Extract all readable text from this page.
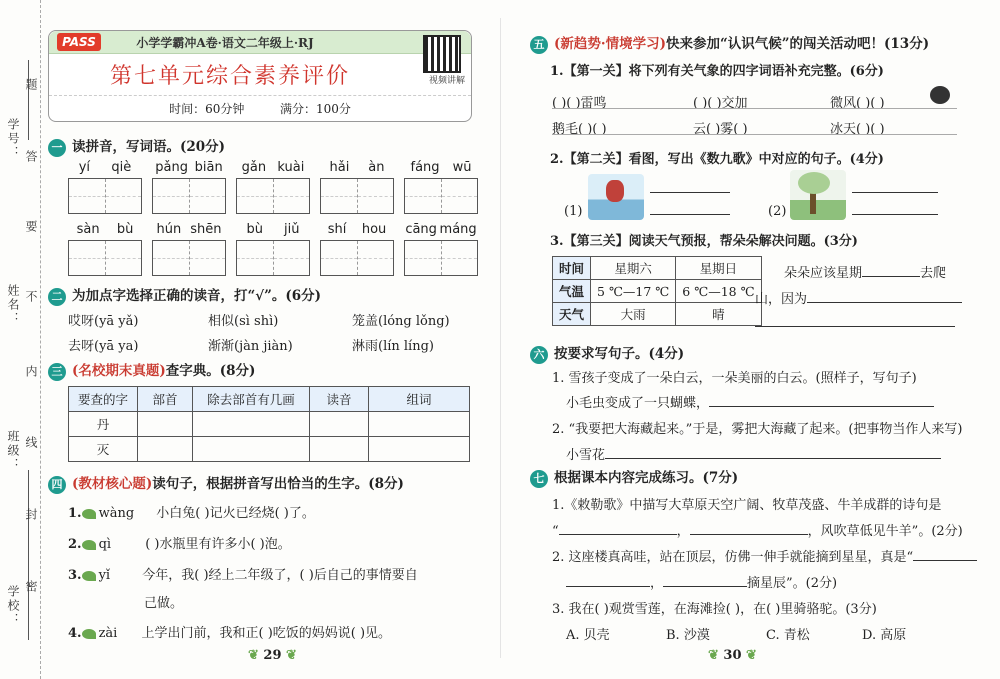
题
答
要
不
内
线
封
密
学号：
姓名：
班级：
学校：
PASS	小学学霸冲A卷·语文二年级上·RJ
第七单元综合素养评价
时间：60分钟	满分：100分
视频讲解
一 读拼音，写词语。(20分)
yí qiè pǎng biān gǎn kuài hǎi àn fáng wū
sàn bù hún shēn bù jiǔ shí hou cāng máng
二 为加点字选择正确的读音，打“√”。(6分)
哎呀(yā yǎ)	相似(sì shì)	笼盖(lóng lǒng)
去呀(yā ya)	渐渐(jàn jiàn)	淋雨(lín líng)
三 (名校期末真题)查字典。(8分)
要查的字	部首	除去部首有几画	读音	组词
丹				
灭				
四 (教材核心题)读句子，根据拼音写出恰当的生字。(8分)
1. wàng 小白兔( )记火已经烧( )了。
2. qì	( )水瓶里有许多小( )泡。
3. yǐ 今年，我( )经上二年级了，( )后自己的事情要自
己做。
4. zài 上学出门前，我和正( )吃饭的妈妈说( )见。
❦ 29 ❦
五 (新趋势·情境学习)快来参加“认识气候”的闯关活动吧！(13分)
1.【第一关】将下列有关气象的四字词语补充完整。(6分)
( )( )雷鸣	( )( )交加	微风( )( )
鹅毛( )( )	云( )雾( )	冰天( )( )
2.【第二关】看图，写出《数九歌》中对应的句子。(4分)
(1)	(2)
3.【第三关】阅读天气预报，帮朵朵解决问题。(3分)
时间	星期六	星期日
气温	5 ℃—17 ℃	6 ℃—18 ℃
天气	大雨	晴
朵朵应该星期	去爬
山，因为
六 按要求写句子。(4分)
1. 雪孩子变成了一朵白云，一朵美丽的白云。(照样子，写句子)
小毛虫变成了一只蝴蝶，
2. “我要把大海藏起来。”于是，雾把大海藏了起来。(把事物当作人来写)
小雪花
七 根据课本内容完成练习。(7分)
1.《敕勒歌》中描写大草原天空广阔、牧草茂盛、牛羊成群的诗句是
“	，	，风吹草低见牛羊”。(2分)
2. 这座楼真高哇，站在顶层，仿佛一伸手就能摘到星星，真是“
，	摘星辰”。(2分)
3. 我在( )观赏雪莲，在海滩捡( )，在( )里骑骆驼。(3分)
A. 贝壳	B. 沙漠	C. 青松	D. 高原
❦ 30 ❦
